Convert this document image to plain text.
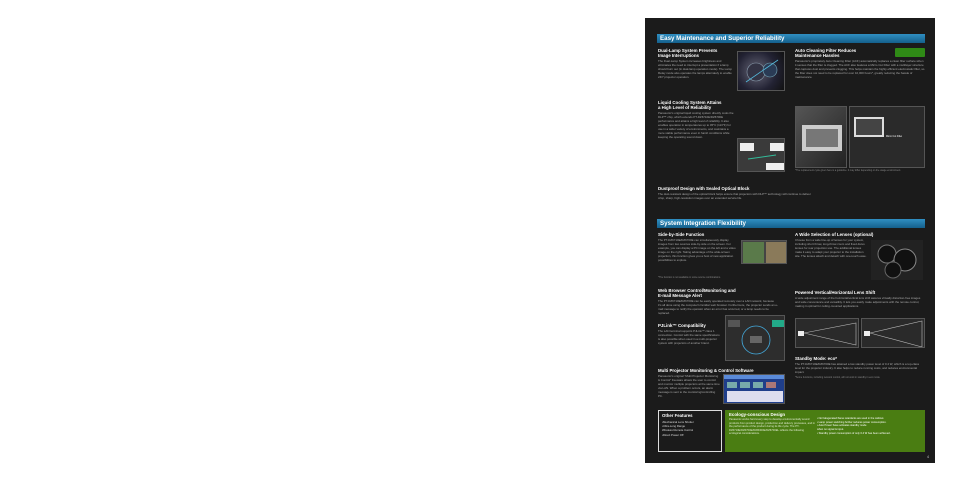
Easy Maintenance and Superior Reliability
Dual-Lamp System Prevents
Image Interruptions
The Dual-Lamp System increases brightness and eliminates the need to interrupt a presentation if a lamp should burn out (in dual-lamp operation mode). The Lamp Relay mode also operates the lamps alternately to enable 24/7 projector operation.
Auto Cleaning Filter Reduces
Maintenance Hassles
Panasonic's proprietary Auto Cleaning Filter (ACF) automatically replaces a clean filter surface when it senses that the filter is clogged. The ACF also features a Micro Cut Filter with a multilayer structure that captures dust and prevents clogging. This helps maintain the highly efficient electrostatic filter, so the filter does not need to be replaced for over 10,000 hours*, greatly reducing the hassle of maintenance.
Micro Cut Filter
*The replacement cycle given here is a guideline. It may differ depending on the usage environment.
Liquid Cooling System Attains
a High Level of Reliability
Panasonic's original liquid cooling system directly cools the DLP™ chip, which extends PT-DZ6710E/DZ6700E performance and attains a high level of reliability. It also enables operation in temperatures up to 45°C (113°F) for use in a wider variety of environments, and maintains a more stable performance even in harsh conditions while keeping the operating sound down.
Dustproof Design with Sealed Optical Block
The dust-resistant design of the optical block helps ensure that projectors with DLP™ technology will continue to deliver crisp, sharp, high-resolution images over an extended service life.
System Integration Flexibility
Side-by-Side Function
The PT-DZ6710E/DZ6700E can simultaneously display images from two sources side-by-side on the screen. For example, you can display a PC image on the left and a video image on the right. Taking advantage of the wide-screen projection, this function gives you a host of new application possibilities to explore.
*The function is not available in some source combinations.
A Wide Selection of Lenses (optional)
Choose from a wide line-up of lenses for your system, including short throw, long-throw zoom and fixed-focus lenses for rear projection use. The additional lenses make it easy to adapt your projector to the installation site. The lenses attach and detach with one-touch ease.
Web Browser Control/Monitoring and
E-mail Message Alert
The PT-DZ6710E/DZ6700E can be easily operated remotely over a LAN network, because it's all done using the computer's familiar web browser. Furthermore, the projector sends an e-mail message to notify the operator when an error has occurred, or a lamp needs to be replaced.
PJLink™ Compatibility
The LAN terminal supports PJLink™ class 1 connection. Control with the same specifications is also possible when used in a multi-projector system with projectors of another brand.
Powered Vertical/Horizontal Lens Shift
A wide adjustment range of the horizontal/vertical lens shift assures virtually distortion-free images and wide convenience and versatility. It lets you easily make adjustments with the remote control, making it optimal for ceiling-mounted applications.
Standby Mode: eco*
The PT-DZ6710E/DZ6700E has attained a low standby power level of 0.4 W, which is a top-class level for the projector industry. It also helps to reduce running costs, and reduces environmental impact.
*Some functions, including network control, will not work in standby in eco mode.
Multi Projector Monitoring & Control Software
Panasonic's original "Multi Projector Monitoring & Control" freeware allows the user to control and monitor multiple projectors at the same time via LAN. When a problem occurs, an alarm message is sent to the monitoring/controlling PC.
Other Features
•Mechanical Lens Shutter
•Ultra-Long Range
Wireless Remote Control
•Direct Power Off
Ecology-conscious Design
Panasonic works hard every step to develop environmentally sound products from product design, production and delivery processes, and in the performance of the product during its life cycle. The PT-DZ6710E/DZ6700E/DW6300E/DZ6700EL reflects the following ecological considerations.
• No halogenated flame retardants are used in the cabinet.
• Lamp power switching further reduces power consumption.
• Auto Power Save activates standby mode
when no signal is input.
• Standby power consumption of only 0.4 W has been achieved.
4
